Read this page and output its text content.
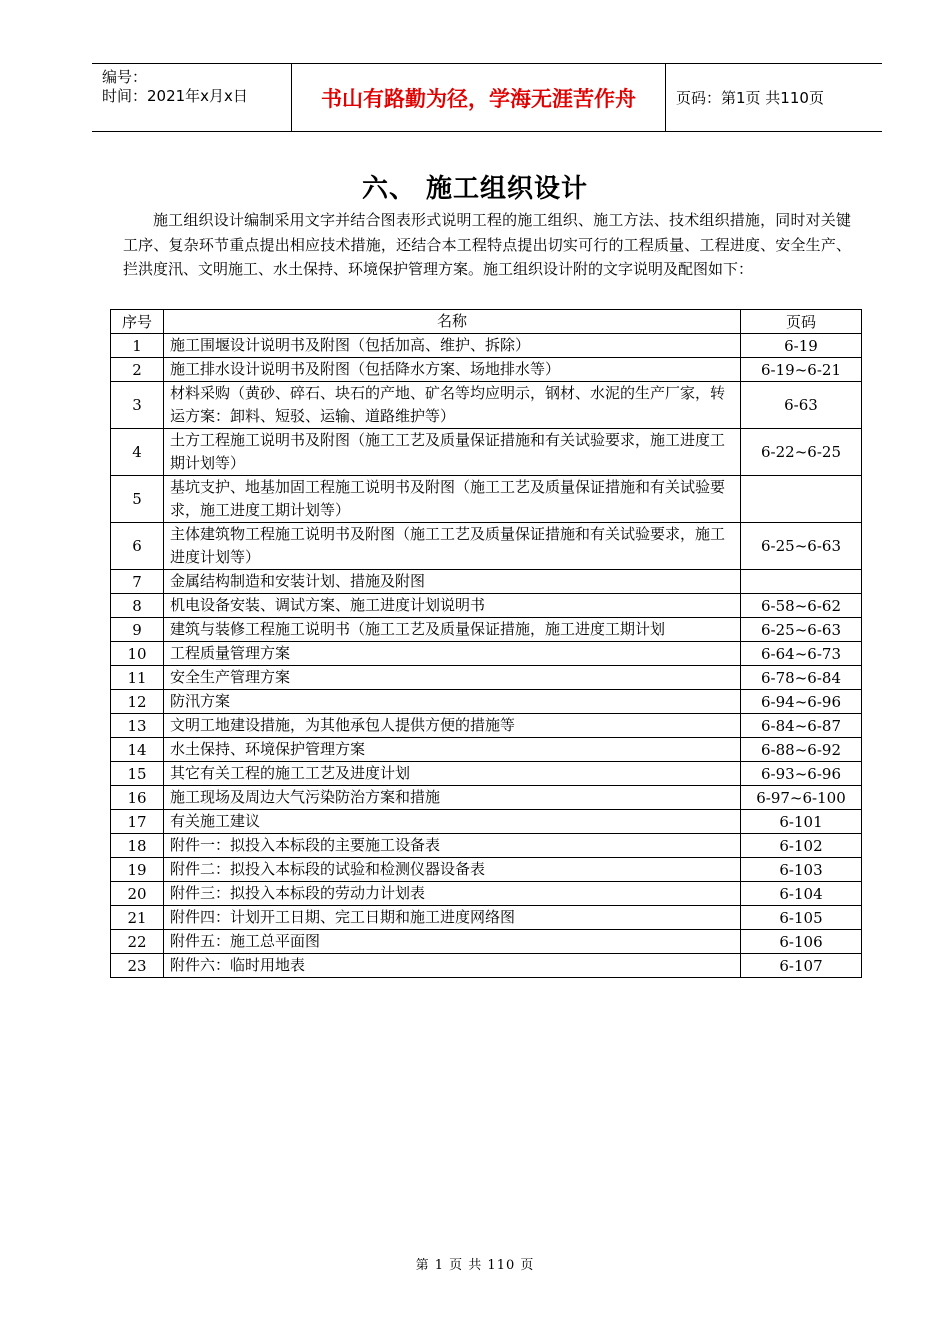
编号：
时间：2021年x月x日	书山有路勤为径，学海无涯苦作舟	页码：第1页 共110页
六、 施工组织设计
施工组织设计编制采用文字并结合图表形式说明工程的施工组织、施工方法、技术组织措施，同时对关键工序、复杂环节重点提出相应技术措施，还结合本工程特点提出切实可行的工程质量、工程进度、安全生产、拦洪度汛、文明施工、水土保持、环境保护管理方案。施工组织设计附的文字说明及配图如下：
序号	名称	页码
1	施工围堰设计说明书及附图（包括加高、维护、拆除）	6-19
2	施工排水设计说明书及附图（包括降水方案、场地排水等）	6-19~6-21
3	材料采购（黄砂、碎石、块石的产地、矿名等均应明示，钢材、水泥的生产厂家，转运方案：卸料、短驳、运输、道路维护等）	6-63
4	土方工程施工说明书及附图（施工工艺及质量保证措施和有关试验要求，施工进度工期计划等）	6-22~6-25
5	基坑支护、地基加固工程施工说明书及附图（施工工艺及质量保证措施和有关试验要求，施工进度工期计划等）	
6	主体建筑物工程施工说明书及附图（施工工艺及质量保证措施和有关试验要求，施工进度计划等）	6-25~6-63
7	金属结构制造和安装计划、措施及附图	
8	机电设备安装、调试方案、施工进度计划说明书	6-58~6-62
9	建筑与装修工程施工说明书（施工工艺及质量保证措施，施工进度工期计划	6-25~6-63
10	工程质量管理方案	6-64~6-73
11	安全生产管理方案	6-78~6-84
12	防汛方案	6-94~6-96
13	文明工地建设措施，为其他承包人提供方便的措施等	6-84~6-87
14	水土保持、环境保护管理方案	6-88~6-92
15	其它有关工程的施工工艺及进度计划	6-93~6-96
16	施工现场及周边大气污染防治方案和措施	6-97~6-100
17	有关施工建议	6-101
18	附件一：拟投入本标段的主要施工设备表	6-102
19	附件二：拟投入本标段的试验和检测仪器设备表	6-103
20	附件三：拟投入本标段的劳动力计划表	6-104
21	附件四：计划开工日期、完工日期和施工进度网络图	6-105
22	附件五：施工总平面图	6-106
23	附件六：临时用地表	6-107
第 1 页 共 110 页
